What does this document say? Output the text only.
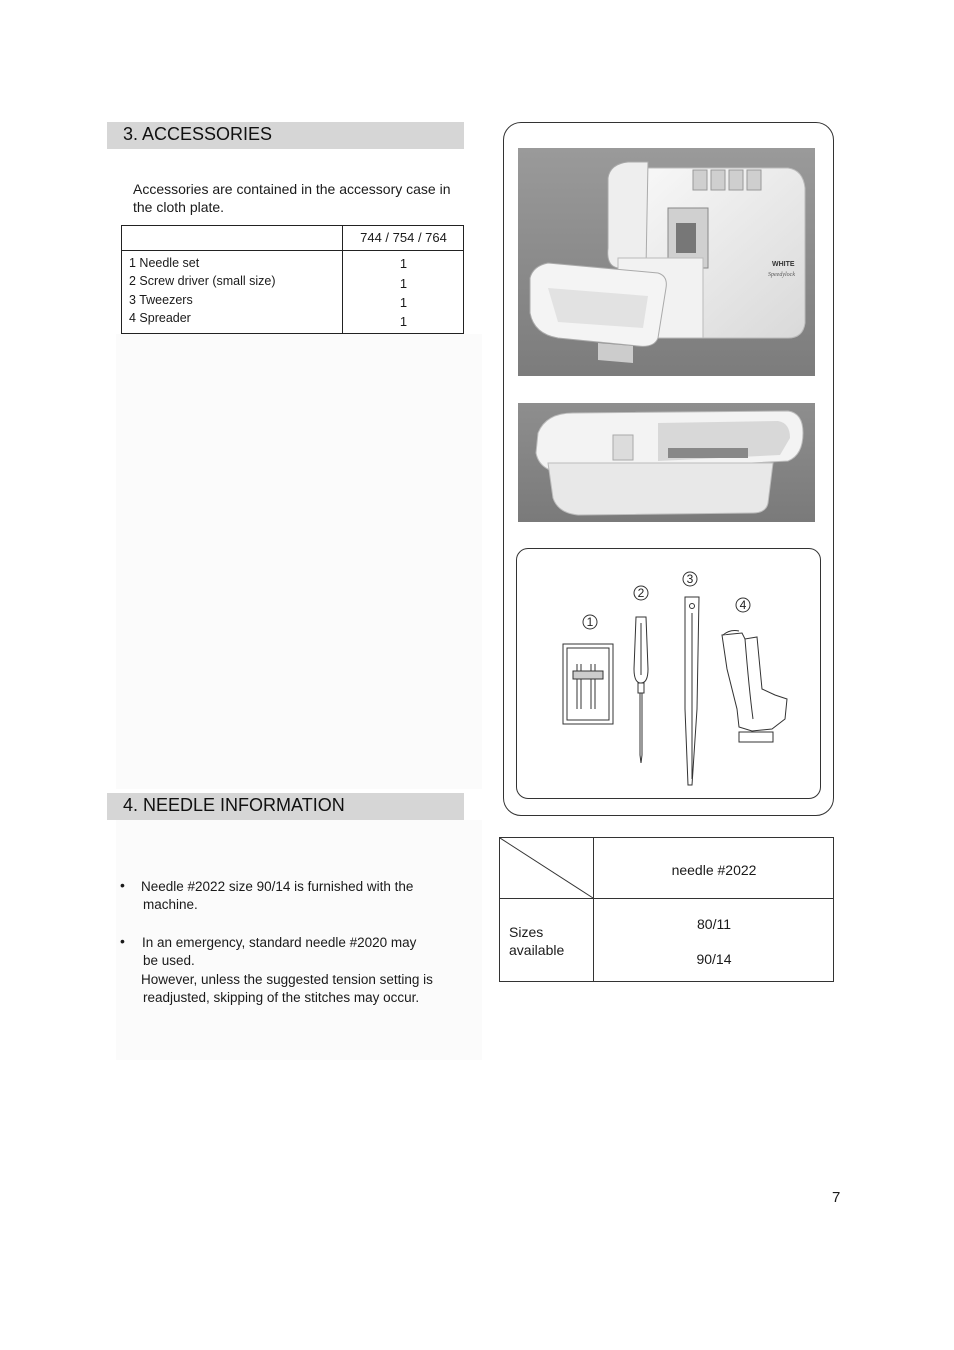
3. ACCESSORIES
Accessories are contained in the accessory case in
the cloth plate.
744 / 754 / 764
1 Needle set
2 Screw driver (small size)
3 Tweezers
4 Spreader
1
1
1
1
WHITE
Speedylock
1
2
3
4
4. NEEDLE INFORMATION
• Needle #2022 size 90/14 is furnished with the
machine.
• In an emergency, standard needle #2020 may
be used.
However, unless the suggested tension setting is
readjusted, skipping of the stitches may occur.
needle #2022
Sizes
available
80/11
90/14
7
